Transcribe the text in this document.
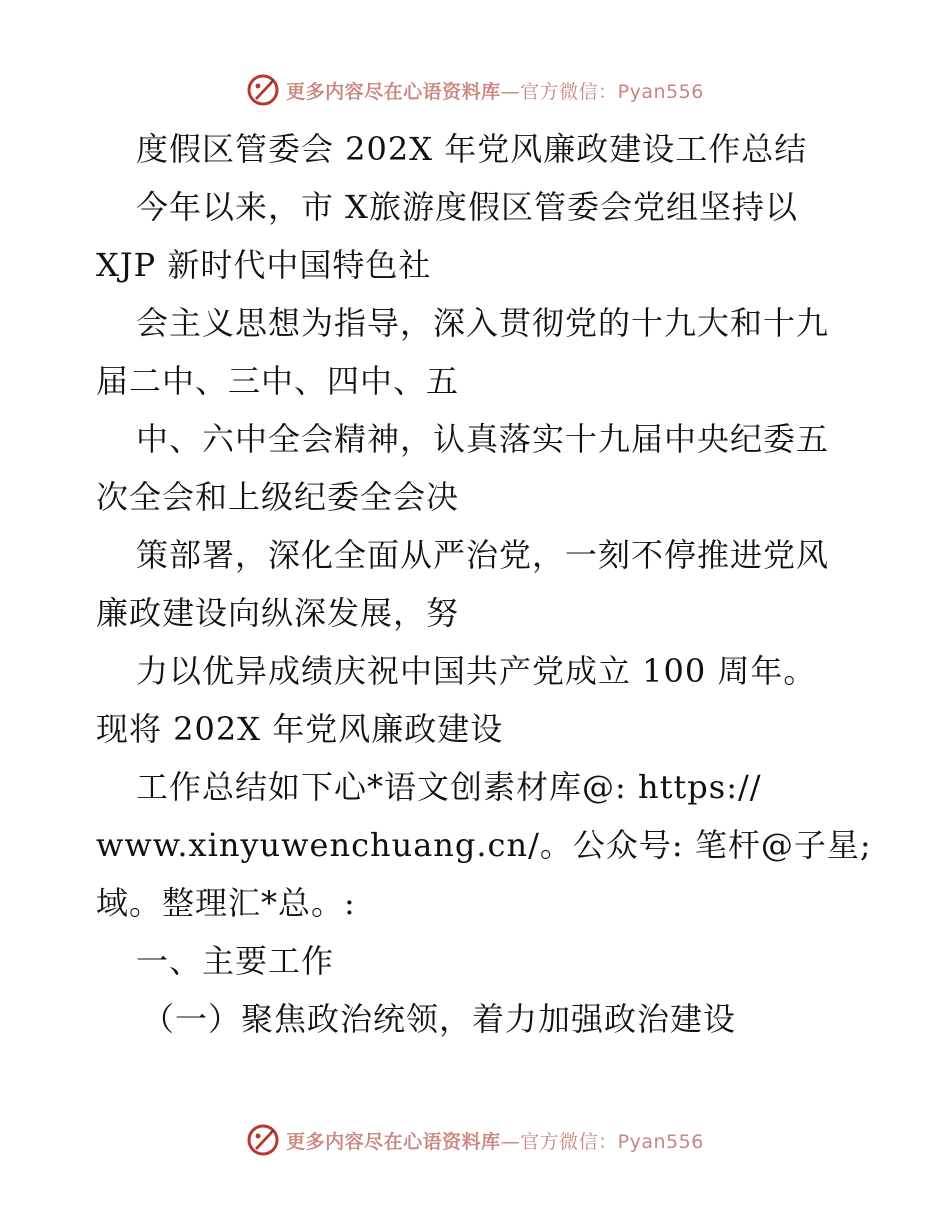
更多内容尽在心语资料库—官方微信：Pyan556
度假区管委会 202X 年党风廉政建设工作总结
今年以来，市 X旅游度假区管委会党组坚持以
XJP 新时代中国特色社
会主义思想为指导，深入贯彻党的十九大和十九
届二中、三中、四中、五
中、六中全会精神，认真落实十九届中央纪委五
次全会和上级纪委全会决
策部署，深化全面从严治党，一刻不停推进党风
廉政建设向纵深发展，努
力以优异成绩庆祝中国共产党成立 100 周年。
现将 202X 年党风廉政建设
工作总结如下心*语文创素材库@: https://
www.xinyuwenchuang.cn/。公众号: 笔杆@子星;
域。整理汇*总。:
一、主要工作
（一）聚焦政治统领，着力加强政治建设
更多内容尽在心语资料库—官方微信：Pyan556
